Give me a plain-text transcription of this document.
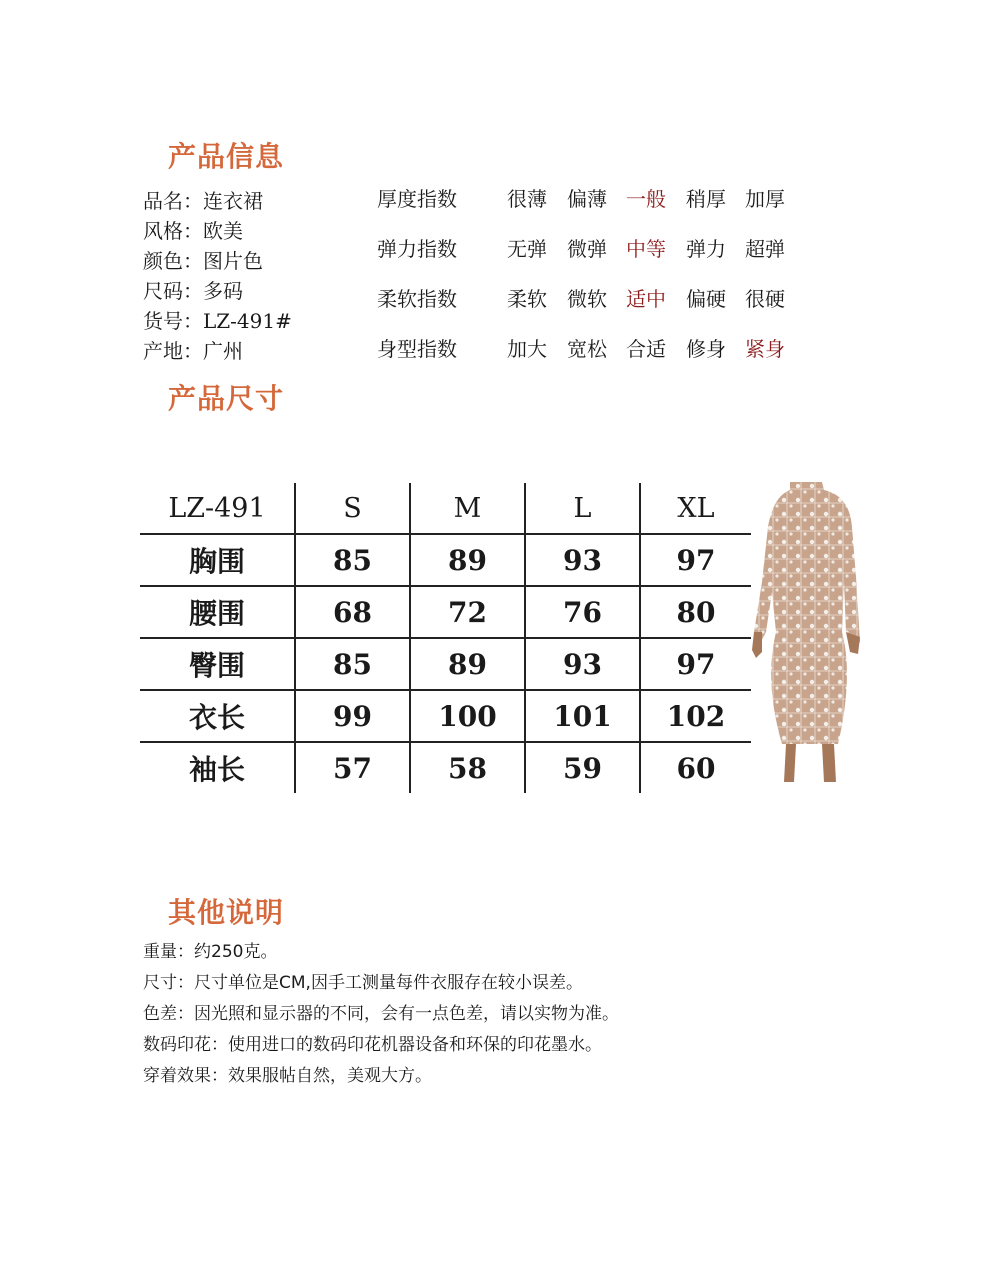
产品信息
品名：连衣裙
风格：欧美
颜色：图片色
尺码：多码
货号：LZ-491#
产地：广州
厚度指数	很薄	偏薄 一般	稍厚 加厚
弹力指数	无弹	微弹 中等	弹力 超弹
柔软指数	柔软	微软 适中	偏硬 很硬
身型指数	加大	宽松 合适	修身 紧身
产品尺寸
LZ-491	S	M	L	XL
胸围	85	89	93	97
腰围	68	72	76	80
臀围	85	89	93	97
衣长	99	100	101	102
袖长	57	58	59	60
其他说明
重量：约250克。
尺寸：尺寸单位是CM,因手工测量每件衣服存在较小误差。
色差：因光照和显示器的不同，会有一点色差，请以实物为准。
数码印花：使用进口的数码印花机器设备和环保的印花墨水。
穿着效果：效果服帖自然，美观大方。
